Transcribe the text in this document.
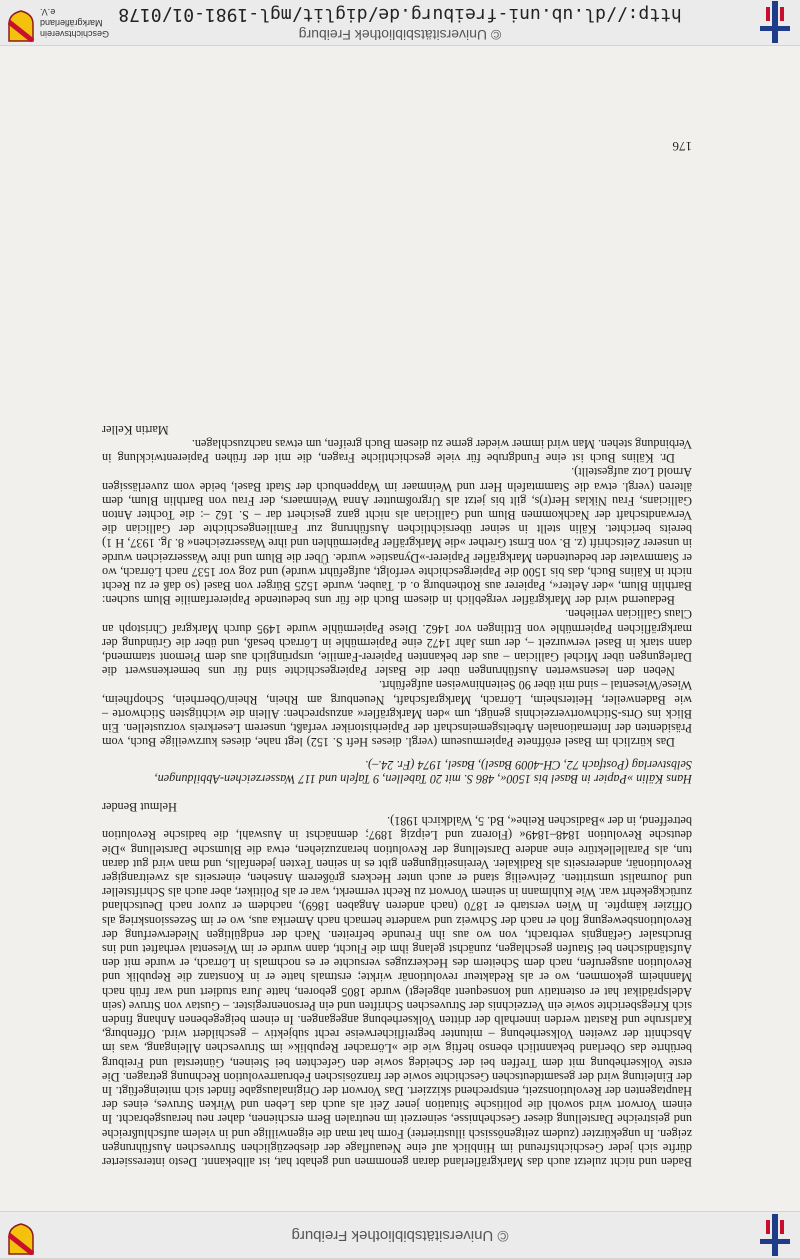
© Universitätsbibliothek Freiburg

Baden und nicht zuletzt auch das Markgräflerland daran genommen und gehabt hat, ist allbekannt. Desto interessierter dürfte sich jeder Geschichtsfreund im Hinblick auf eine Neuauflage der diesbezüglichen Struveschen Ausführungen zeigen. In ungekürzter (zudem zeitgenössisch illustrierter) Form hat man die eigenwillige und in vielem aufschlußreiche und geistreiche Darstellung dieser Geschehnisse, seinerzeit im neutralen Bern erschienen, daher neu herausgebracht. In einem Vorwort wird sowohl die politische Situation jener Zeit als auch das Leben und Wirken Struves, eines der Hauptagenten der Revolutionszeit, entsprechend skizziert. Das Vorwort der Originalausgabe findet sich miteingefügt. In der Einleitung wird der gesamtdeutschen Geschichte sowie der französischen Februarrevolution Rechnung getragen. Die erste Volkserhebung mit dem Treffen bei der Scheideg sowie den Gefechten bei Steinen, Günterstal und Freiburg berührte das Oberland bekanntlich ebenso heftig wie die »Lörracher Republik« im Struveschen Alleingang, was im Abschnitt der zweiten Volkserhebung – mitunter begreiflicherweise recht subjektiv – geschildert wird. Offenburg, Karlsruhe und Rastatt werden innerhalb der dritten Volkserhebung angegangen. In einem beigegebenen Anhang finden sich Kriegsberichte sowie ein Verzeichnis der Struveschen Schriften und ein Personenregister. – Gustav von Struve (sein Adelsprädikat hat er ostentativ und konsequent abgelegt) wurde 1805 geboren, hatte Jura studiert und war früh nach Mannheim gekommen, wo er als Redakteur revolutionär wirkte; erstmals hatte er in Konstanz die Republik und Revolution ausgerufen, nach dem Scheitern des Heckerzuges versuchte er es nochmals in Lörrach, er wurde mit den Aufständischen bei Staufen geschlagen, zunächst gelang ihm die Flucht, dann wurde er im Wiesental verhaftet und ins Bruchsaler Gefängnis verbracht, von wo aus ihn Freunde befreiten. Nach der endgültigen Niederwerfung der Revolutionsbewegung floh er nach der Schweiz und wanderte hernach nach Amerika aus, wo er im Sezessionskrieg als Offizier kämpfte. In Wien verstarb er 1870 (nach anderen Angaben 1869), nachdem er zuvor nach Deutschland zurückgekehrt war. Wie Kuhlmann in seinem Vorwort zu Recht vermerkt, war er als Politiker, aber auch als Schriftsteller und Journalist umstritten. Zeitweilig stand er auch unter Heckers größerem Ansehen, einerseits als zweitrangiger Revolutionär, andererseits als Radikaler. Vereinseitigungen gibt es in seinen Texten jedenfalls, und man wird gut daran tun, als Parallellektüre eine andere Darstellung der Revolution heranzuziehen, etwa die Blumsche Darstellung »Die deutsche Revolution 1848–1849« (Florenz und Leipzig 1897; demnächst in Auswahl, die badische Revolution betreffend, in der »Badischen Reihe«, Bd. 5, Waldkirch 1981).

Helmut Bender

Hans Kälin »Papier in Basel bis 1500«, 486 S. mit 20 Tabellen, 9 Tafeln und 117 Wasserzeichen-Abbildungen, Selbstverlag (Postfach 72, CH-4009 Basel), Basel, 1974 (Fr. 24.–).

Das kürzlich im Basel eröffnete Papiermuseum (vergl. dieses Heft S. 152) legt nahe, dieses kurzweilige Buch, vom Präsidenten der Internationalen Arbeitsgemeinschaft der Papierhistoriker verfaßt, unserem Leserkreis vorzustellen. Ein Blick ins Orts-Stichwortverzeichnis genügt, um »den Markgräfler« anzusprechen: Allein die wichtigsten Stichworte – wie Badenweiler, Heitersheim, Lörrach, Markgrafschaft, Neuenburg am Rhein, Rhein/Oberrhein, Schopfheim, Wiese/Wiesental – sind mit über 90 Seitenhinweisen aufgeführt.

Neben den lesenswerten Ausführungen über die Basler Papiergeschichte sind für uns bemerkenswert die Darlegungen über Michel Gallician – aus der bekannten Papierer-Familie, ursprünglich aus dem Piemont stammend, dann stark in Basel verwurzelt –, der ums Jahr 1472 eine Papiermühle in Lörrach besaß, und über die Gründung der markgräflichen Papiermühle von Ettlingen vor 1462. Diese Papiermühle wurde 1495 durch Markgraf Christoph an Claus Gallician verliehen.

Bedauernd wird der Markgräfler vergeblich in diesem Buch die für uns bedeutende Papiererfamilie Blum suchen: Barthlin Blum, »der Aelter«, Papierer aus Rothenburg o. d. Tauber, wurde 1525 Bürger von Basel (so daß er zu Recht nicht in Kälins Buch, das bis 1500 die Papiergeschichte verfolgt, aufgeführt wurde) und zog vor 1537 nach Lörrach, wo er Stammvater der bedeutenden Markgräfler Papierer-»Dynastie« wurde. Über die Blum und ihre Wasserzeichen wurde in unserer Zeitschrift (z. B. von Ernst Grether »die Markgräfler Papiermühlen und ihre Wasserzeichen« 8. Jg. 1937, H 1) bereits berichtet. Kälin stellt in seiner übersichtlichen Ausführung zur Familiengeschichte der Gallician die Verwandtschaft der Nachkommen Blum und Gallician als nicht ganz gesichert dar – S. 162 –: die Tochter Anton Gallicians, Frau Niklas Her(r)s, gilt bis jetzt als Urgroßmutter Anna Weinmaers, der Frau von Barthlin Blum, dem älteren (vergl. etwa die Stammtafeln Herr und Weinmaer im Wappenbuch der Stadt Basel, beide vom zuverlässigen Arnold Lotz aufgestellt).

Dr. Kälins Buch ist eine Fundgrube für viele geschichtliche Fragen, die mit der frühen Papierentwicklung in Verbindung stehen. Man wird immer wieder gerne zu diesem Buch greifen, um etwas nachzuschlagen.

Martin Keller

176
© Universitätsbibliothek Freiburg
http://dl.ub.uni-freiburg.de/diglit/mgl-1981-01/0178
Geschichtsverein
Markgräflerland e.V.
